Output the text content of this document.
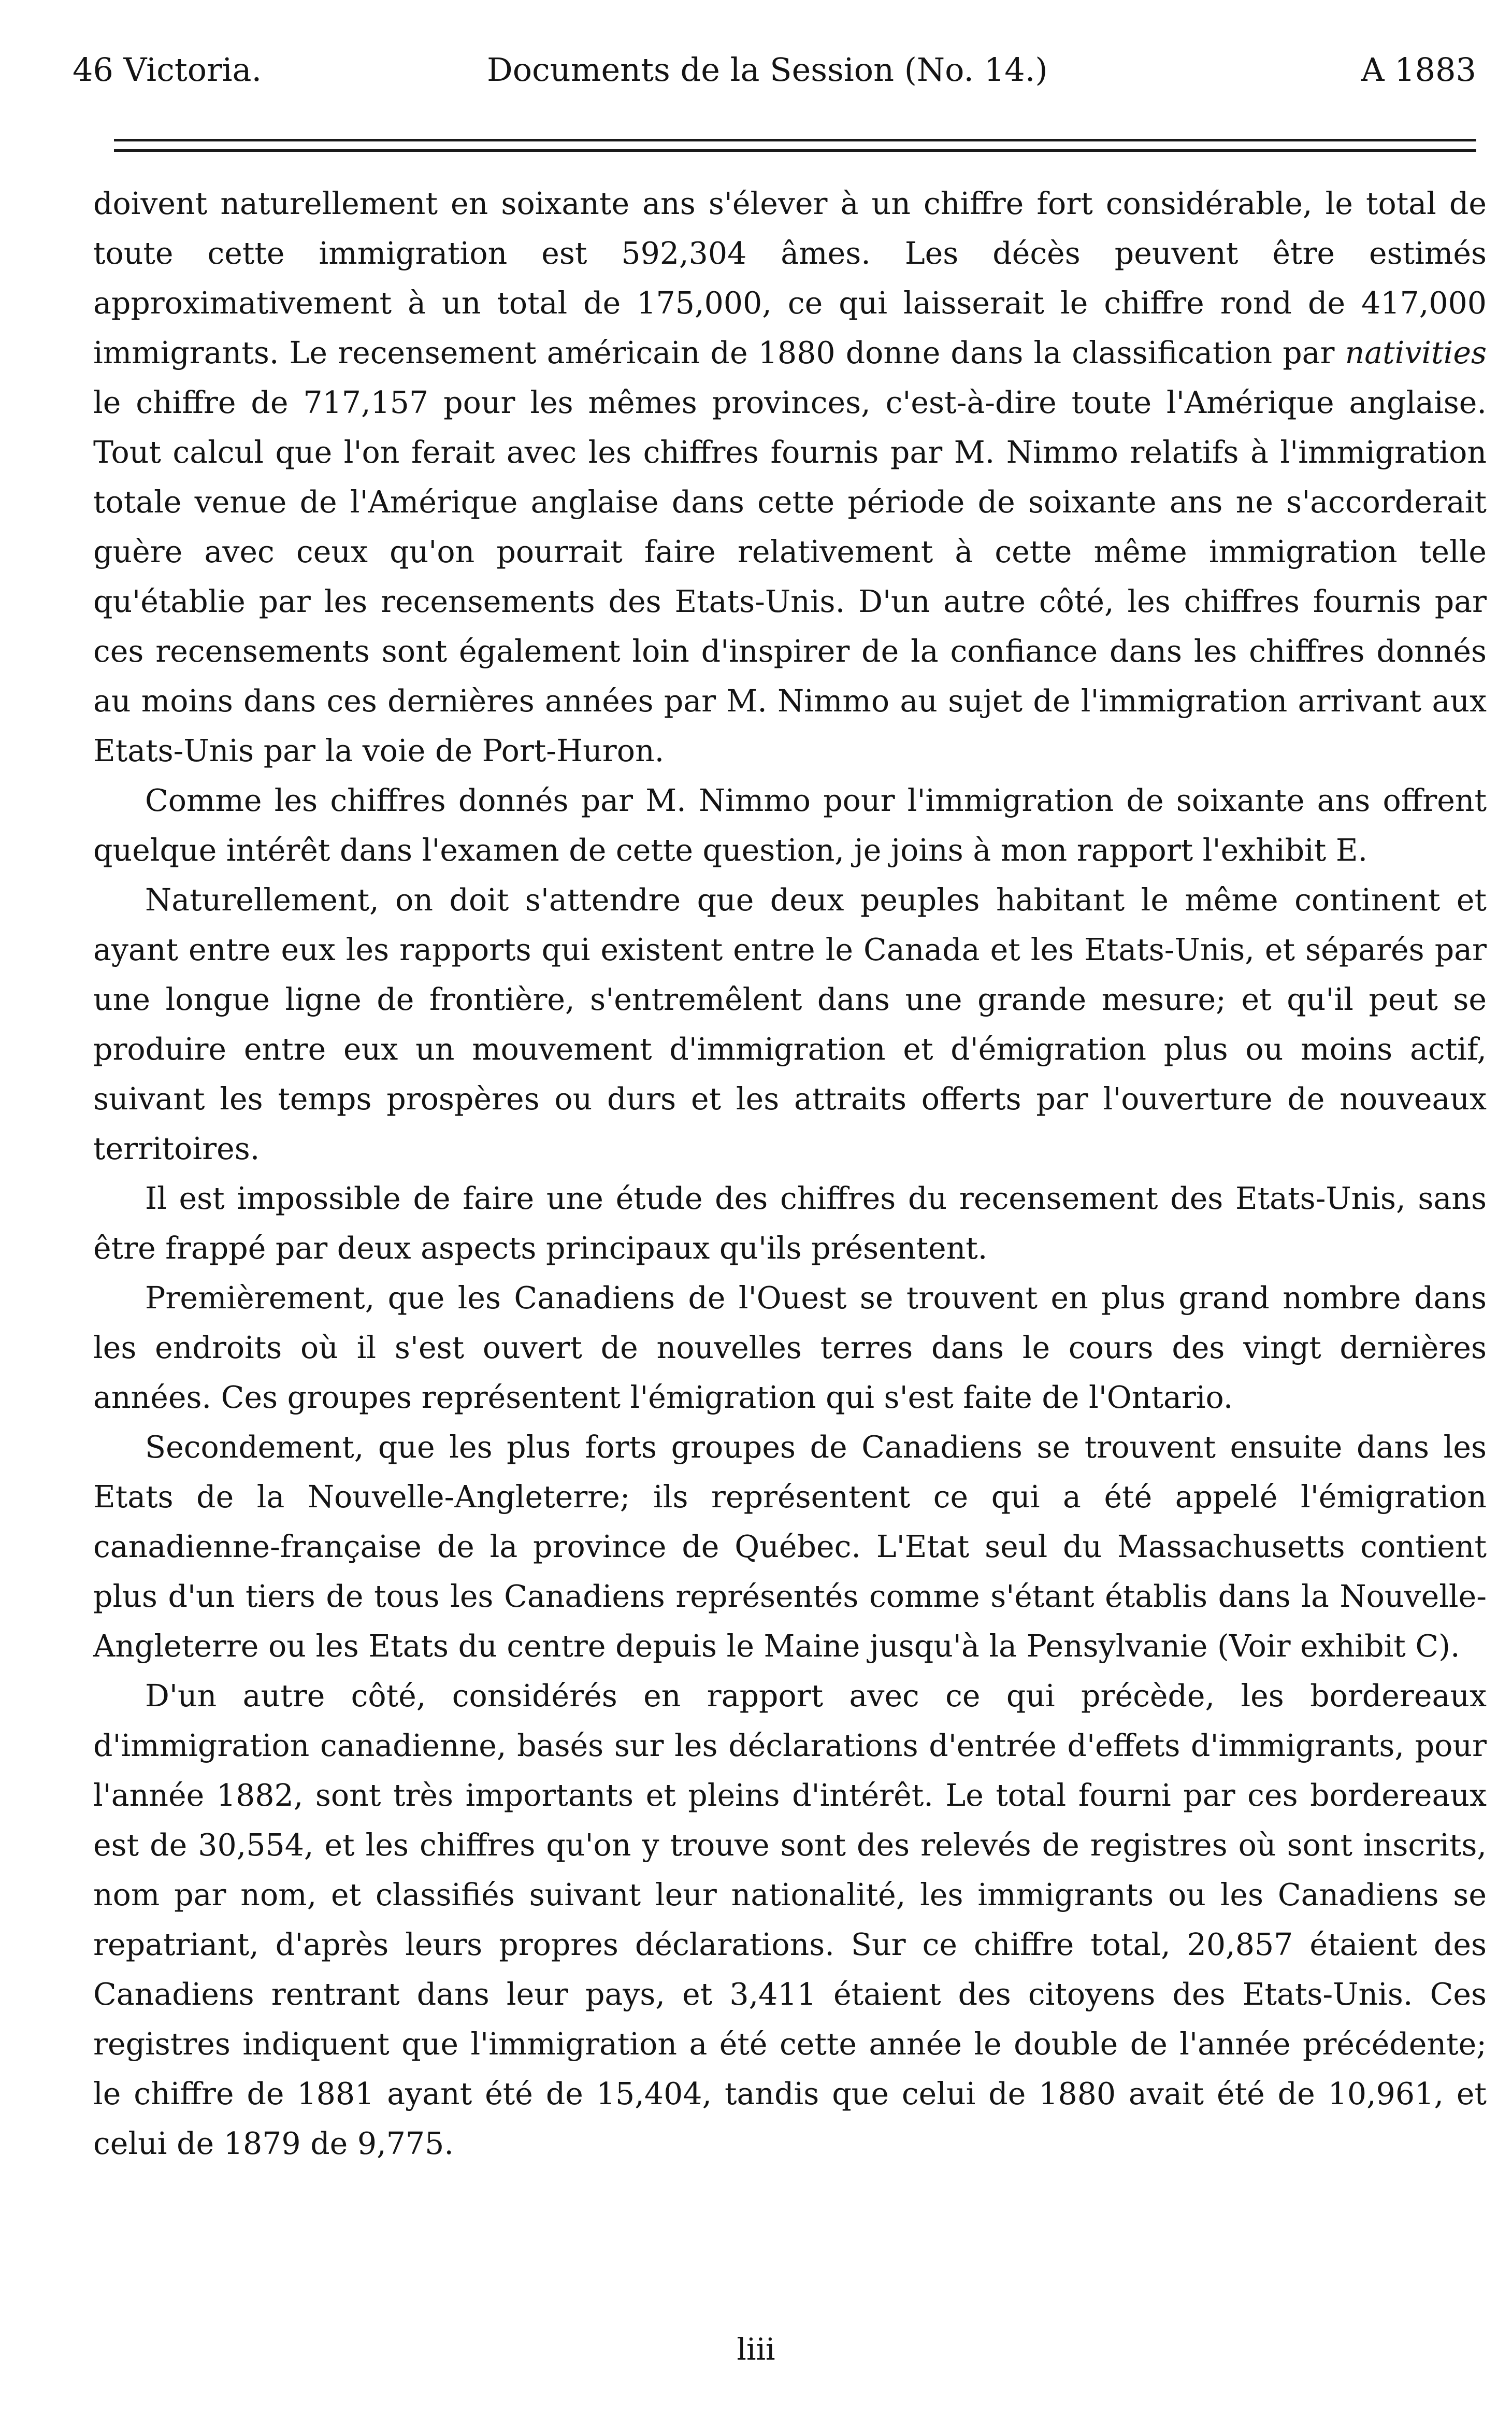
46 Victoria.	Documents de la Session (No. 14.)	A 1883

doivent naturellement en soixante ans s'élever à un chiffre fort considérable, le total de toute cette immigration est 592,304 âmes. Les décès peuvent être estimés approximativement à un total de 175,000, ce qui laisserait le chiffre rond de 417,000 immigrants. Le recensement américain de 1880 donne dans la classification par nativities le chiffre de 717,157 pour les mêmes provinces, c'est-à-dire toute l'Amérique anglaise. Tout calcul que l'on ferait avec les chiffres fournis par M. Nimmo relatifs à l'immigration totale venue de l'Amérique anglaise dans cette période de soixante ans ne s'accorderait guère avec ceux qu'on pourrait faire relativement à cette même immigration telle qu'établie par les recensements des Etats-Unis. D'un autre côté, les chiffres fournis par ces recensements sont également loin d'inspirer de la confiance dans les chiffres donnés au moins dans ces dernières années par M. Nimmo au sujet de l'immigration arrivant aux Etats-Unis par la voie de Port-Huron.

Comme les chiffres donnés par M. Nimmo pour l'immigration de soixante ans offrent quelque intérêt dans l'examen de cette question, je joins à mon rapport l'exhibit E.

Naturellement, on doit s'attendre que deux peuples habitant le même continent et ayant entre eux les rapports qui existent entre le Canada et les Etats-Unis, et séparés par une longue ligne de frontière, s'entremêlent dans une grande mesure; et qu'il peut se produire entre eux un mouvement d'immigration et d'émigration plus ou moins actif, suivant les temps prospères ou durs et les attraits offerts par l'ouverture de nouveaux territoires.

Il est impossible de faire une étude des chiffres du recensement des Etats-Unis, sans être frappé par deux aspects principaux qu'ils présentent.

Premièrement, que les Canadiens de l'Ouest se trouvent en plus grand nombre dans les endroits où il s'est ouvert de nouvelles terres dans le cours des vingt dernières années. Ces groupes représentent l'émigration qui s'est faite de l'Ontario.

Secondement, que les plus forts groupes de Canadiens se trouvent ensuite dans les Etats de la Nouvelle-Angleterre; ils représentent ce qui a été appelé l'émigration canadienne-française de la province de Québec. L'Etat seul du Massachusetts contient plus d'un tiers de tous les Canadiens représentés comme s'étant établis dans la Nouvelle-Angleterre ou les Etats du centre depuis le Maine jusqu'à la Pensylvanie (Voir exhibit C).

D'un autre côté, considérés en rapport avec ce qui précède, les bordereaux d'immigration canadienne, basés sur les déclarations d'entrée d'effets d'immigrants, pour l'année 1882, sont très importants et pleins d'intérêt. Le total fourni par ces bordereaux est de 30,554, et les chiffres qu'on y trouve sont des relevés de registres où sont inscrits, nom par nom, et classifiés suivant leur nationalité, les immigrants ou les Canadiens se repatriant, d'après leurs propres déclarations. Sur ce chiffre total, 20,857 étaient des Canadiens rentrant dans leur pays, et 3,411 étaient des citoyens des Etats-Unis. Ces registres indiquent que l'immigration a été cette année le double de l'année précédente; le chiffre de 1881 ayant été de 15,404, tandis que celui de 1880 avait été de 10,961, et celui de 1879 de 9,775.

liii
